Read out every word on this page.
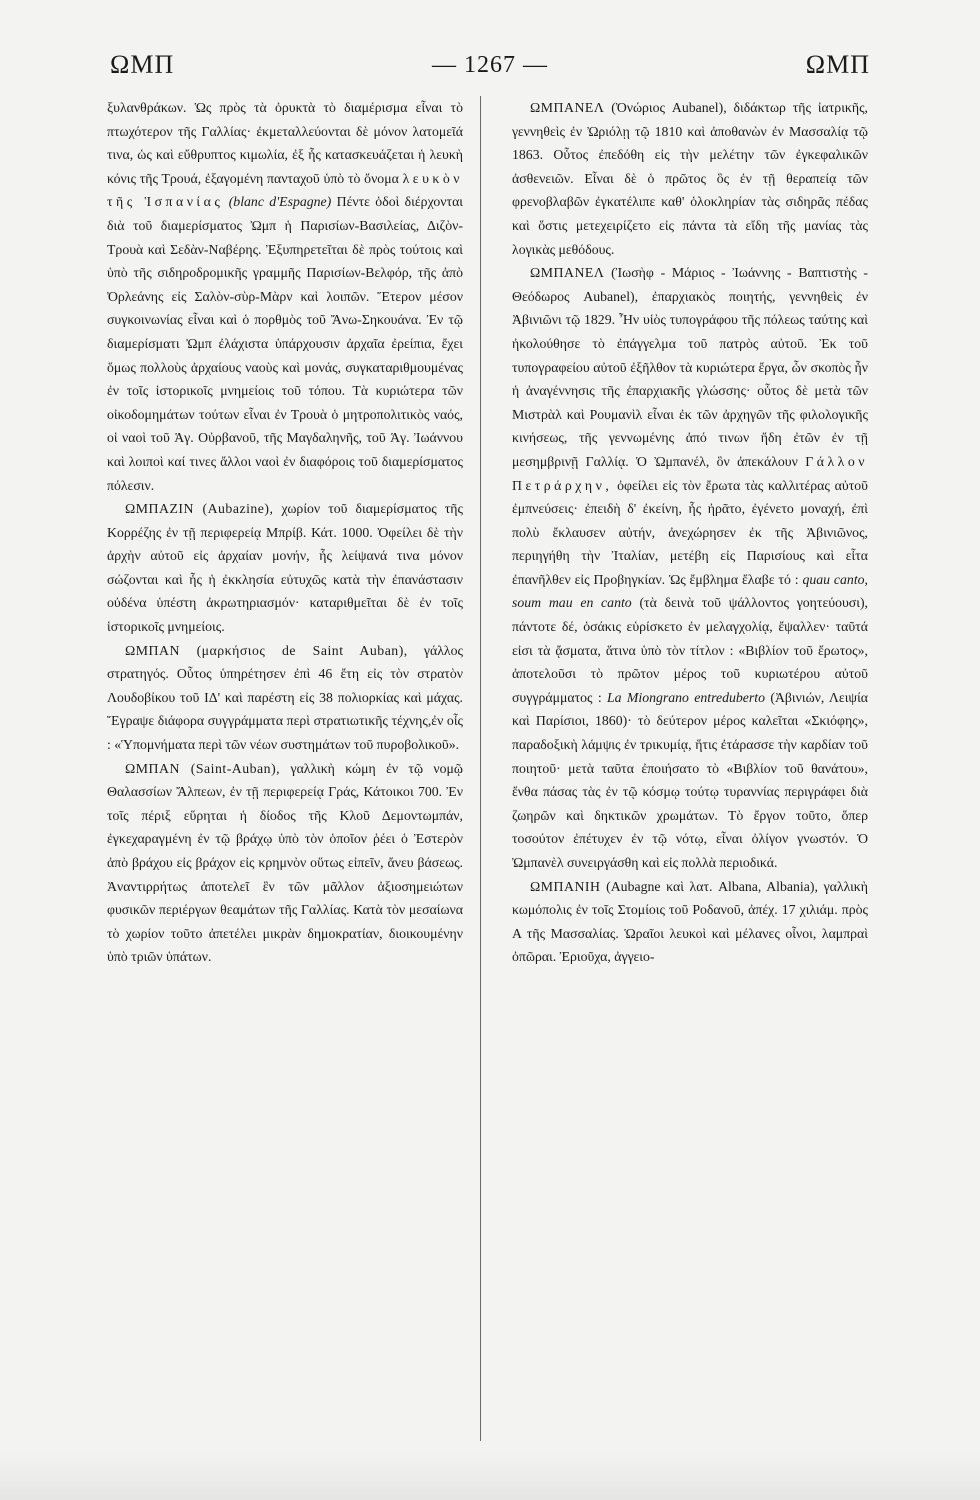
ΩΜΠ	— 1267 —	ΩΜΠ

ξυλανθράκων. Ὡς πρὸς τὰ ὀρυκτὰ τὸ διαμέρισμα εἶναι τὸ πτωχότερον τῆς Γαλλίας· ἐκμεταλλεύονται δὲ μόνον λατομεῖά τινα, ὡς καὶ εὔθρυπτος κιμωλία, ἐξ ἧς κατασκευάζεται ἡ λευκὴ κόνις τῆς Τρουά, ἐξαγομένη πανταχοῦ ὑπὸ τὸ ὄνομα λευκὸν τῆς Ἱσπανίας (blanc d'Espagne) Πέντε ὁδοὶ διέρχονται διὰ τοῦ διαμερίσματος Ὠμπ ἡ Παρισίων-Βασιλείας, Διζὸν-Τρουὰ καὶ Σεδὰν-Ναβέρης. Ἐξυπηρετεῖται δὲ πρὸς τούτοις καὶ ὑπὸ τῆς σιδηροδρομικῆς γραμμῆς Παρισίων-Βελφόρ, τῆς ἀπὸ Ὀρλεάνης εἰς Σαλὸν-σὺρ-Μὰρν καὶ λοιπῶν. Ἕτερον μέσον συγκοινωνίας εἶναι καὶ ὁ πορθμὸς τοῦ Ἄνω-Σηκουάνα. Ἐν τῷ διαμερίσματι Ὠμπ ἐλάχιστα ὑπάρχουσιν ἀρχαῖα ἐρείπια, ἔχει ὅμως πολλοὺς ἀρχαίους ναοὺς καὶ μονάς, συγκαταριθμουμένας ἐν τοῖς ἱστορικοῖς μνημείοις τοῦ τόπου. Τὰ κυριώτερα τῶν οἰκοδομημάτων τούτων εἶναι ἐν Τρουὰ ὁ μητροπολιτικὸς ναός, οἱ ναοὶ τοῦ Ἁγ. Οὐρβανοῦ, τῆς Μαγδαληνῆς, τοῦ Ἁγ. Ἰωάννου καὶ λοιποὶ καί τινες ἄλλοι ναοὶ ἐν διαφόροις τοῦ διαμερίσματος πόλεσιν.

ΩΜΠΑΖΙΝ (Aubazine), χωρίον τοῦ διαμερίσματος τῆς Κορρέζης ἐν τῇ περιφερείᾳ Μπρίβ. Κάτ. 1000. Ὀφείλει δὲ τὴν ἀρχὴν αὐτοῦ εἰς ἀρχαίαν μονήν, ἧς λείψανά τινα μόνον σώζονται καὶ ἧς ἡ ἐκκλησία εὐτυχῶς κατὰ τὴν ἐπανάστασιν οὐδένα ὑπέστη ἀκρωτηριασμόν· καταριθμεῖται δὲ ἐν τοῖς ἱστορικοῖς μνημείοις.

ΩΜΠΑΝ (μαρκήσιος de Saint Auban), γάλλος στρατηγός. Οὗτος ὑπηρέτησεν ἐπὶ 46 ἔτη εἰς τὸν στρατὸν Λουδοβίκου τοῦ ΙΔ' καὶ παρέστη εἰς 38 πολιορκίας καὶ μάχας. Ἔγραψε διάφορα συγγράμματα περὶ στρατιωτικῆς τέχνης,ἐν οἷς : «Ὑπομνήματα περὶ τῶν νέων συστημάτων τοῦ πυροβολικοῦ».

ΩΜΠΑΝ (Saint-Auban), γαλλικὴ κώμη ἐν τῷ νομῷ Θαλασσίων Ἄλπεων, ἐν τῇ περιφερείᾳ Γράς, Κάτοικοι 700. Ἐν τοῖς πέριξ εὕρηται ἡ δίοδος τῆς Κλοῦ Δεμοντωμπάν, ἐγκεχαραγμένη ἐν τῷ βράχῳ ὑπὸ τὸν ὁποῖον ῥέει ὁ Ἐστερὸν ἀπὸ βράχου εἰς βράχον εἰς κρημνὸν οὕτως εἰπεῖν, ἄνευ βάσεως. Ἀναντιρρήτως ἀποτελεῖ ἓν τῶν μᾶλλον ἀξιοσημειώτων φυσικῶν περιέργων θεαμάτων τῆς Γαλλίας. Κατὰ τὸν μεσαίωνα τὸ χωρίον τοῦτο ἀπετέλει μικρὰν δημοκρατίαν, διοικουμένην ὑπὸ τριῶν ὑπάτων.

ΩΜΠΑΝΕΛ (Ὀνώριος Aubanel), διδάκτωρ τῆς ἰατρικῆς, γεννηθεὶς ἐν Ὠριόλῃ τῷ 1810 καὶ ἀποθανὼν ἐν Μασσαλίᾳ τῷ 1863. Οὗτος ἐπεδόθη εἰς τὴν μελέτην τῶν ἐγκεφαλικῶν ἀσθενειῶν. Εἶναι δὲ ὁ πρῶτος ὃς ἐν τῇ θεραπείᾳ τῶν φρενοβλαβῶν ἐγκατέλιπε καθ' ὁλοκληρίαν τὰς σιδηρᾶς πέδας καὶ ὅστις μετεχειρίζετο εἰς πάντα τὰ εἴδη τῆς μανίας τὰς λογικὰς μεθόδους.

ΩΜΠΑΝΕΛ (Ἰωσὴφ - Μάριος - Ἰωάννης - Βαπτιστὴς - Θεόδωρος Aubanel), ἐπαρχιακὸς ποιητής, γεννηθεὶς ἐν Ἀβινιῶνι τῷ 1829. Ἦν υἱὸς τυπογράφου τῆς πόλεως ταύτης καὶ ἠκολούθησε τὸ ἐπάγγελμα τοῦ πατρὸς αὐτοῦ. Ἐκ τοῦ τυπογραφείου αὐτοῦ ἐξῆλθον τὰ κυριώτερα ἔργα, ὧν σκοπὸς ἦν ἡ ἀναγέννησις τῆς ἐπαρχιακῆς γλώσσης· οὗτος δὲ μετὰ τῶν Μιστρὰλ καὶ Ρουμανὶλ εἶναι ἐκ τῶν ἀρχηγῶν τῆς φιλολογικῆς κινήσεως, τῆς γεννωμένης ἀπό τινων ἤδη ἐτῶν ἐν τῇ μεσημβρινῇ Γαλλίᾳ. Ὁ Ὠμπανέλ, ὃν ἀπεκάλουν Γάλλον Πετράρχην, ὀφείλει εἰς τὸν ἔρωτα τὰς καλλιτέρας αὐτοῦ ἐμπνεύσεις· ἐπειδὴ δ' ἐκείνη, ἧς ἠρᾶτο, ἐγένετο μοναχή, ἐπὶ πολὺ ἔκλαυσεν αὐτήν, ἀνεχώρησεν ἐκ τῆς Ἀβινιῶνος, περιηγήθη τὴν Ἰταλίαν, μετέβη εἰς Παρισίους καὶ εἶτα ἐπανῆλθεν εἰς Προβηγκίαν. Ὡς ἔμβλημα ἔλαβε τό : quau canto, soum mau en canto (τὰ δεινὰ τοῦ ψάλλοντος γοητεύουσι), πάντοτε δέ, ὁσάκις εὑρίσκετο ἐν μελαγχολίᾳ, ἔψαλλεν· ταῦτά εἰσι τὰ ᾄσματα, ἅτινα ὑπὸ τὸν τίτλον : «Βιβλίον τοῦ ἔρωτος», ἀποτελοῦσι τὸ πρῶτον μέρος τοῦ κυριωτέρου αὐτοῦ συγγράμματος : La Miongrano entreduberto (Ἀβινιών, Λειψία καὶ Παρίσιοι, 1860)· τὸ δεύτερον μέρος καλεῖται «Σκιόφης», παραδοξικὴ λάμψις ἐν τρικυμίᾳ, ἥτις ἐτάρασσε τὴν καρδίαν τοῦ ποιητοῦ· μετὰ ταῦτα ἐποιήσατο τὸ «Βιβλίον τοῦ θανάτου», ἔνθα πάσας τὰς ἐν τῷ κόσμῳ τούτῳ τυραννίας περιγράφει διὰ ζωηρῶν καὶ δηκτικῶν χρωμάτων. Τὸ ἔργον τοῦτο, ὅπερ τοσούτον ἐπέτυχεν ἐν τῷ νότῳ, εἶναι ὀλίγον γνωστόν. Ὁ Ὠμπανὲλ συνειργάσθη καὶ εἰς πολλὰ περιοδικά.

ΩΜΠΑΝΙΗ (Aubagne καὶ λατ. Albana, Albania), γαλλικὴ κωμόπολις ἐν τοῖς Στομίοις τοῦ Ροδανοῦ, ἀπέχ. 17 χιλιάμ. πρὸς Α τῆς Μασσαλίας. Ὡραῖοι λευκοὶ καὶ μέλανες οἶνοι, λαμπραὶ ὀπῶραι. Ἐριοῦχα, ἀγγειο-
